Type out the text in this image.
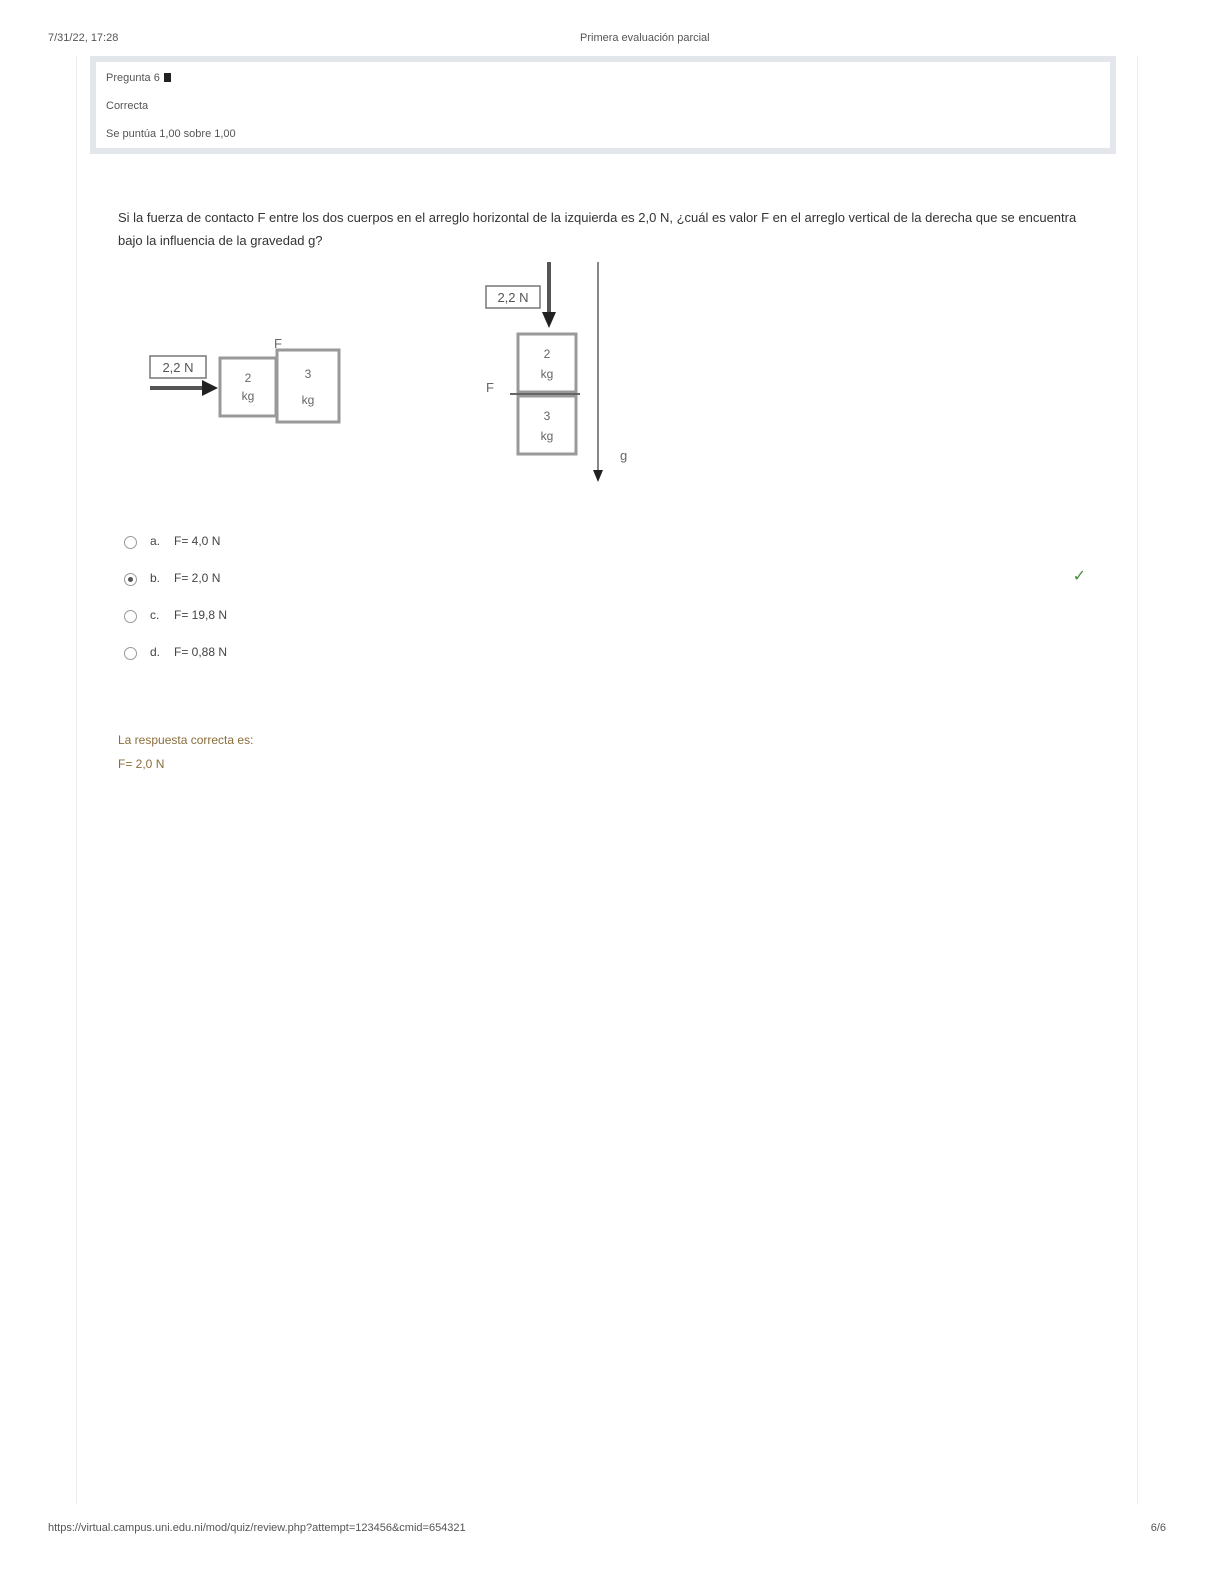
7/31/22, 17:28	Primera evaluación parcial
Pregunta 6
Correcta
Se puntúa 1,00 sobre 1,00
Si la fuerza de contacto F entre los dos cuerpos en el arreglo horizontal de la izquierda es 2,0 N, ¿cuál es valor F en el arreglo vertical de la derecha que se encuentra bajo la influencia de la gravedad g?
2,2 N
2
kg
3
kg
F
2,2 N
2
kg
3
kg
F
g
a. F= 4,0 N
b. F= 2,0 N
c. F= 19,8 N
d. F= 0,88 N
✓
La respuesta correcta es:
F= 2,0 N
https://virtual.campus.uni.edu.ni/mod/quiz/review.php?attempt=123456&cmid=654321	6/6
